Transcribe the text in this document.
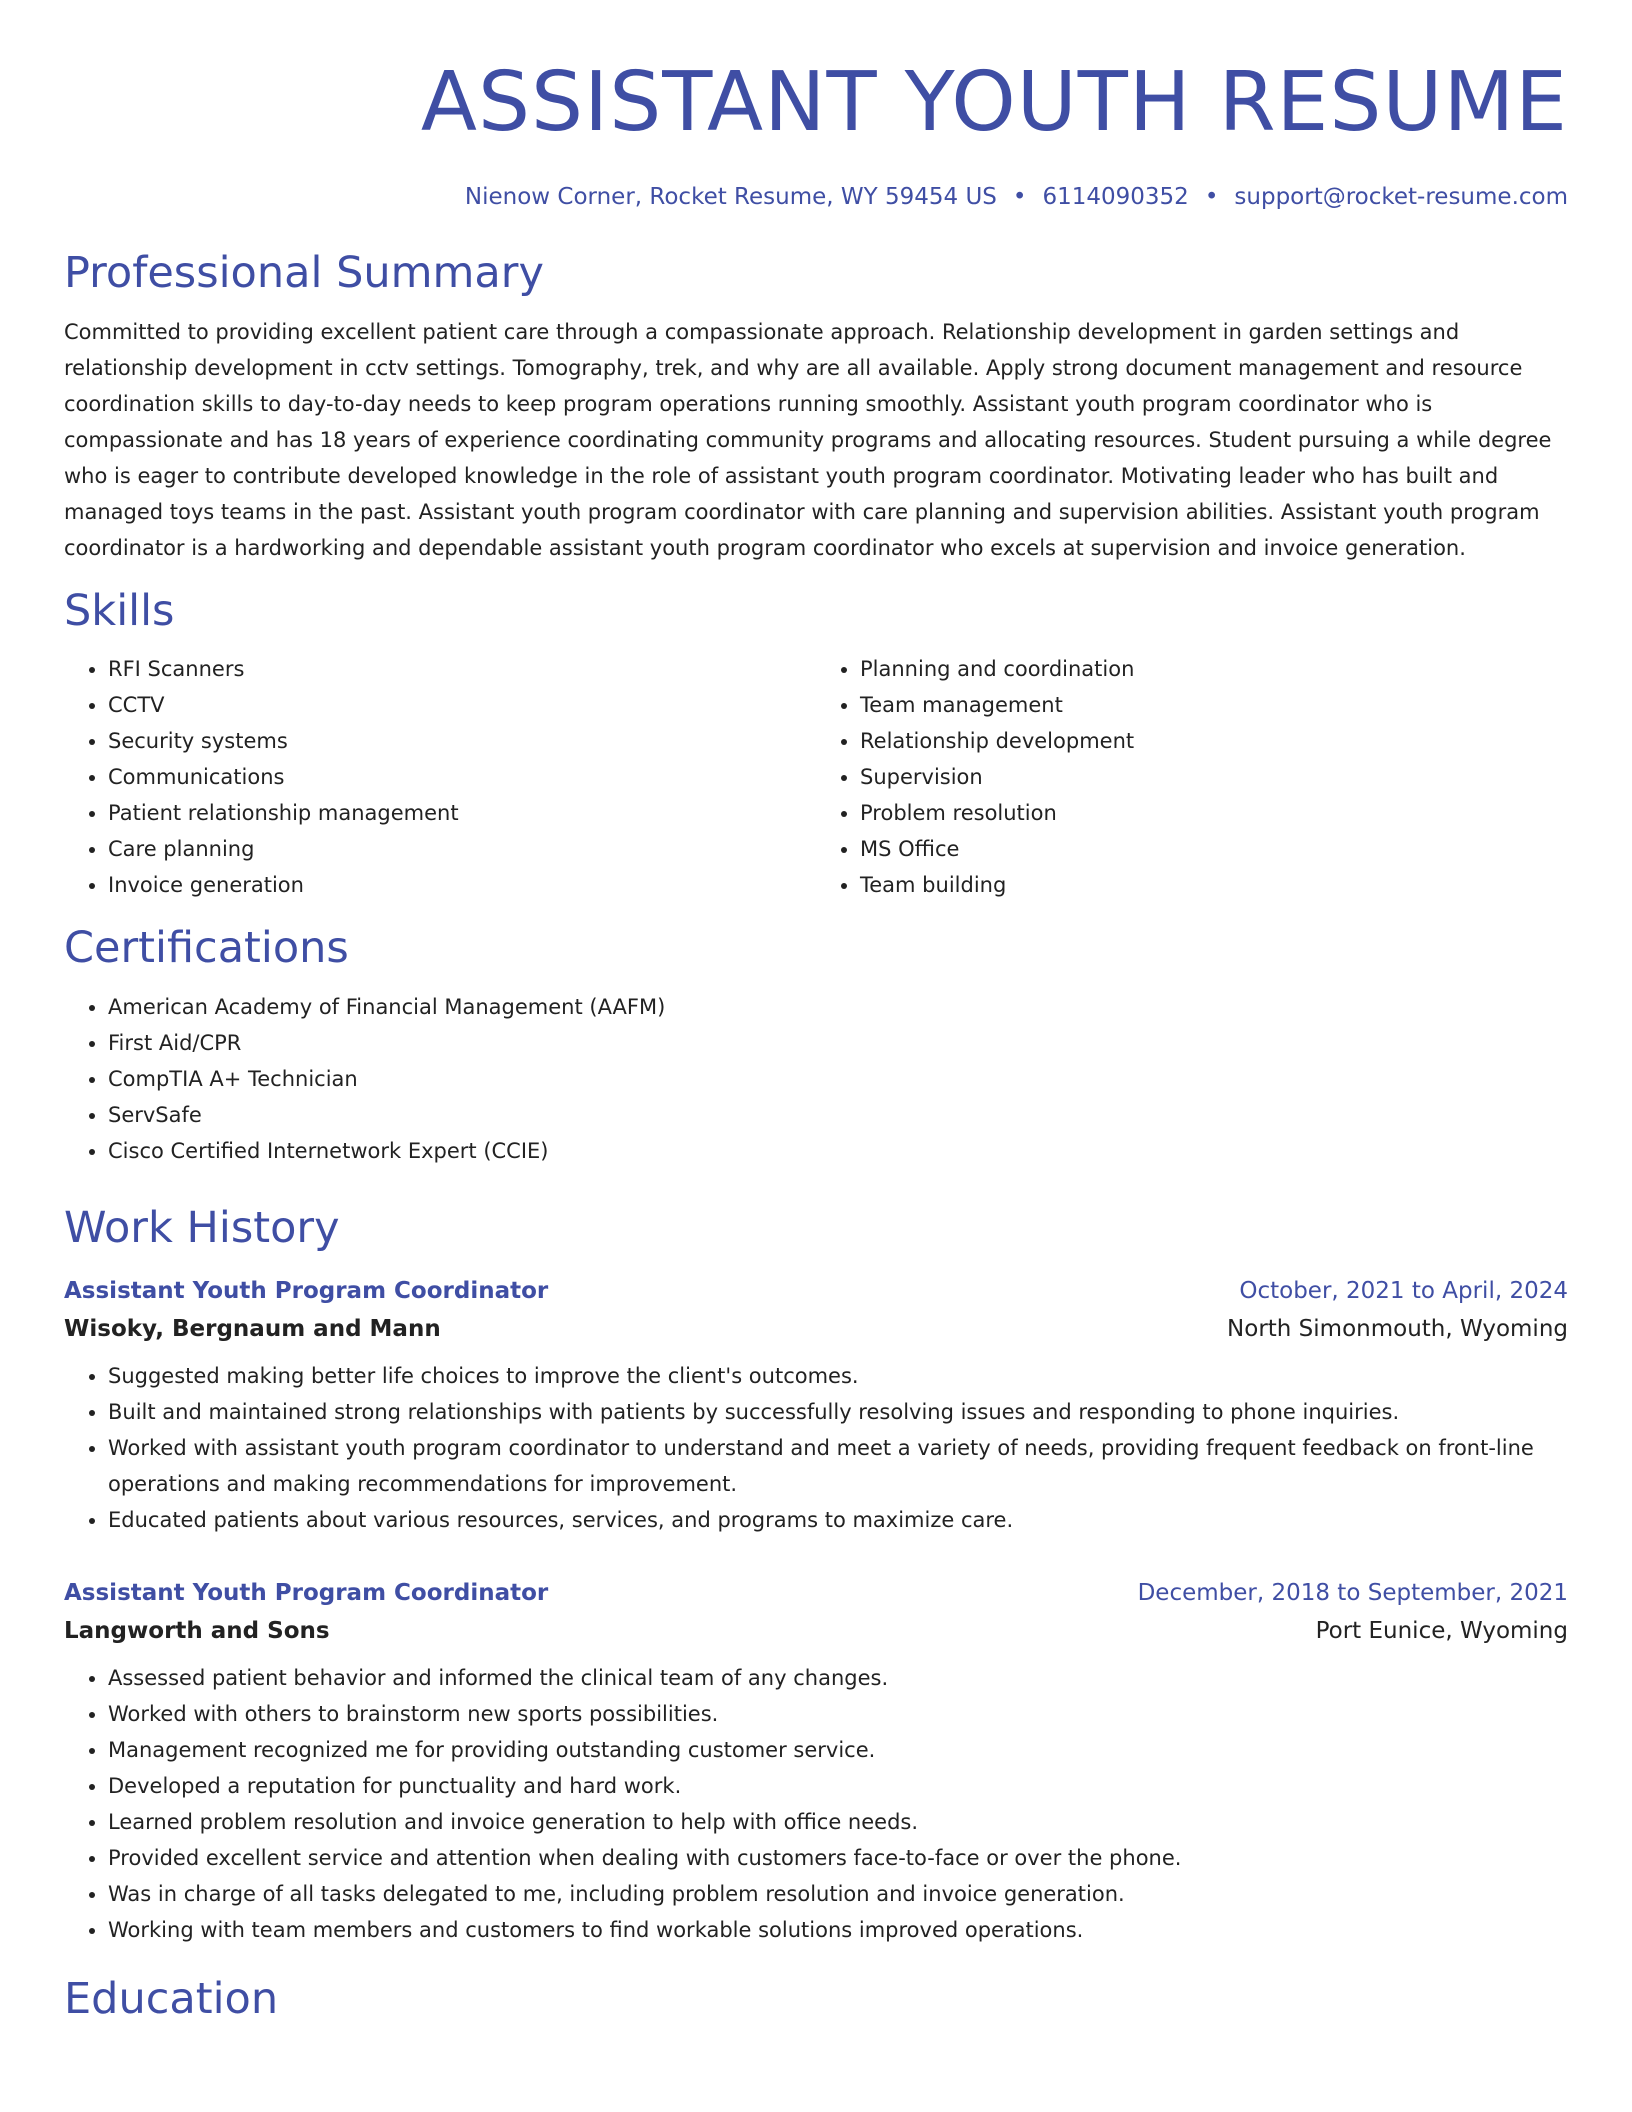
ASSISTANT YOUTH RESUME
Nienow Corner, Rocket Resume, WY 59454 US • 6114090352 • support@rocket-resume.com
Professional Summary
Committed to providing excellent patient care through a compassionate approach. Relationship development in garden settings and relationship development in cctv settings. Tomography, trek, and why are all available. Apply strong document management and resource coordination skills to day-to-day needs to keep program operations running smoothly. Assistant youth program coordinator who is compassionate and has 18 years of experience coordinating community programs and allocating resources. Student pursuing a while degree who is eager to contribute developed knowledge in the role of assistant youth program coordinator. Motivating leader who has built and managed toys teams in the past. Assistant youth program coordinator with care planning and supervision abilities. Assistant youth program coordinator is a hardworking and dependable assistant youth program coordinator who excels at supervision and invoice generation.
Skills
• RFI Scanners
• CCTV
• Security systems
• Communications
• Patient relationship management
• Care planning
• Invoice generation
• Planning and coordination
• Team management
• Relationship development
• Supervision
• Problem resolution
• MS Office
• Team building
Certifications
• American Academy of Financial Management (AAFM)
• First Aid/CPR
• CompTIA A+ Technician
• ServSafe
• Cisco Certified Internetwork Expert (CCIE)
Work History
Assistant Youth Program Coordinator	October, 2021 to April, 2024
Wisoky, Bergnaum and Mann	North Simonmouth, Wyoming
• Suggested making better life choices to improve the client's outcomes.
• Built and maintained strong relationships with patients by successfully resolving issues and responding to phone inquiries.
• Worked with assistant youth program coordinator to understand and meet a variety of needs, providing frequent feedback on front-line operations and making recommendations for improvement.
• Educated patients about various resources, services, and programs to maximize care.
Assistant Youth Program Coordinator	December, 2018 to September, 2021
Langworth and Sons	Port Eunice, Wyoming
• Assessed patient behavior and informed the clinical team of any changes.
• Worked with others to brainstorm new sports possibilities.
• Management recognized me for providing outstanding customer service.
• Developed a reputation for punctuality and hard work.
• Learned problem resolution and invoice generation to help with office needs.
• Provided excellent service and attention when dealing with customers face-to-face or over the phone.
• Was in charge of all tasks delegated to me, including problem resolution and invoice generation.
• Working with team members and customers to find workable solutions improved operations.
Education
